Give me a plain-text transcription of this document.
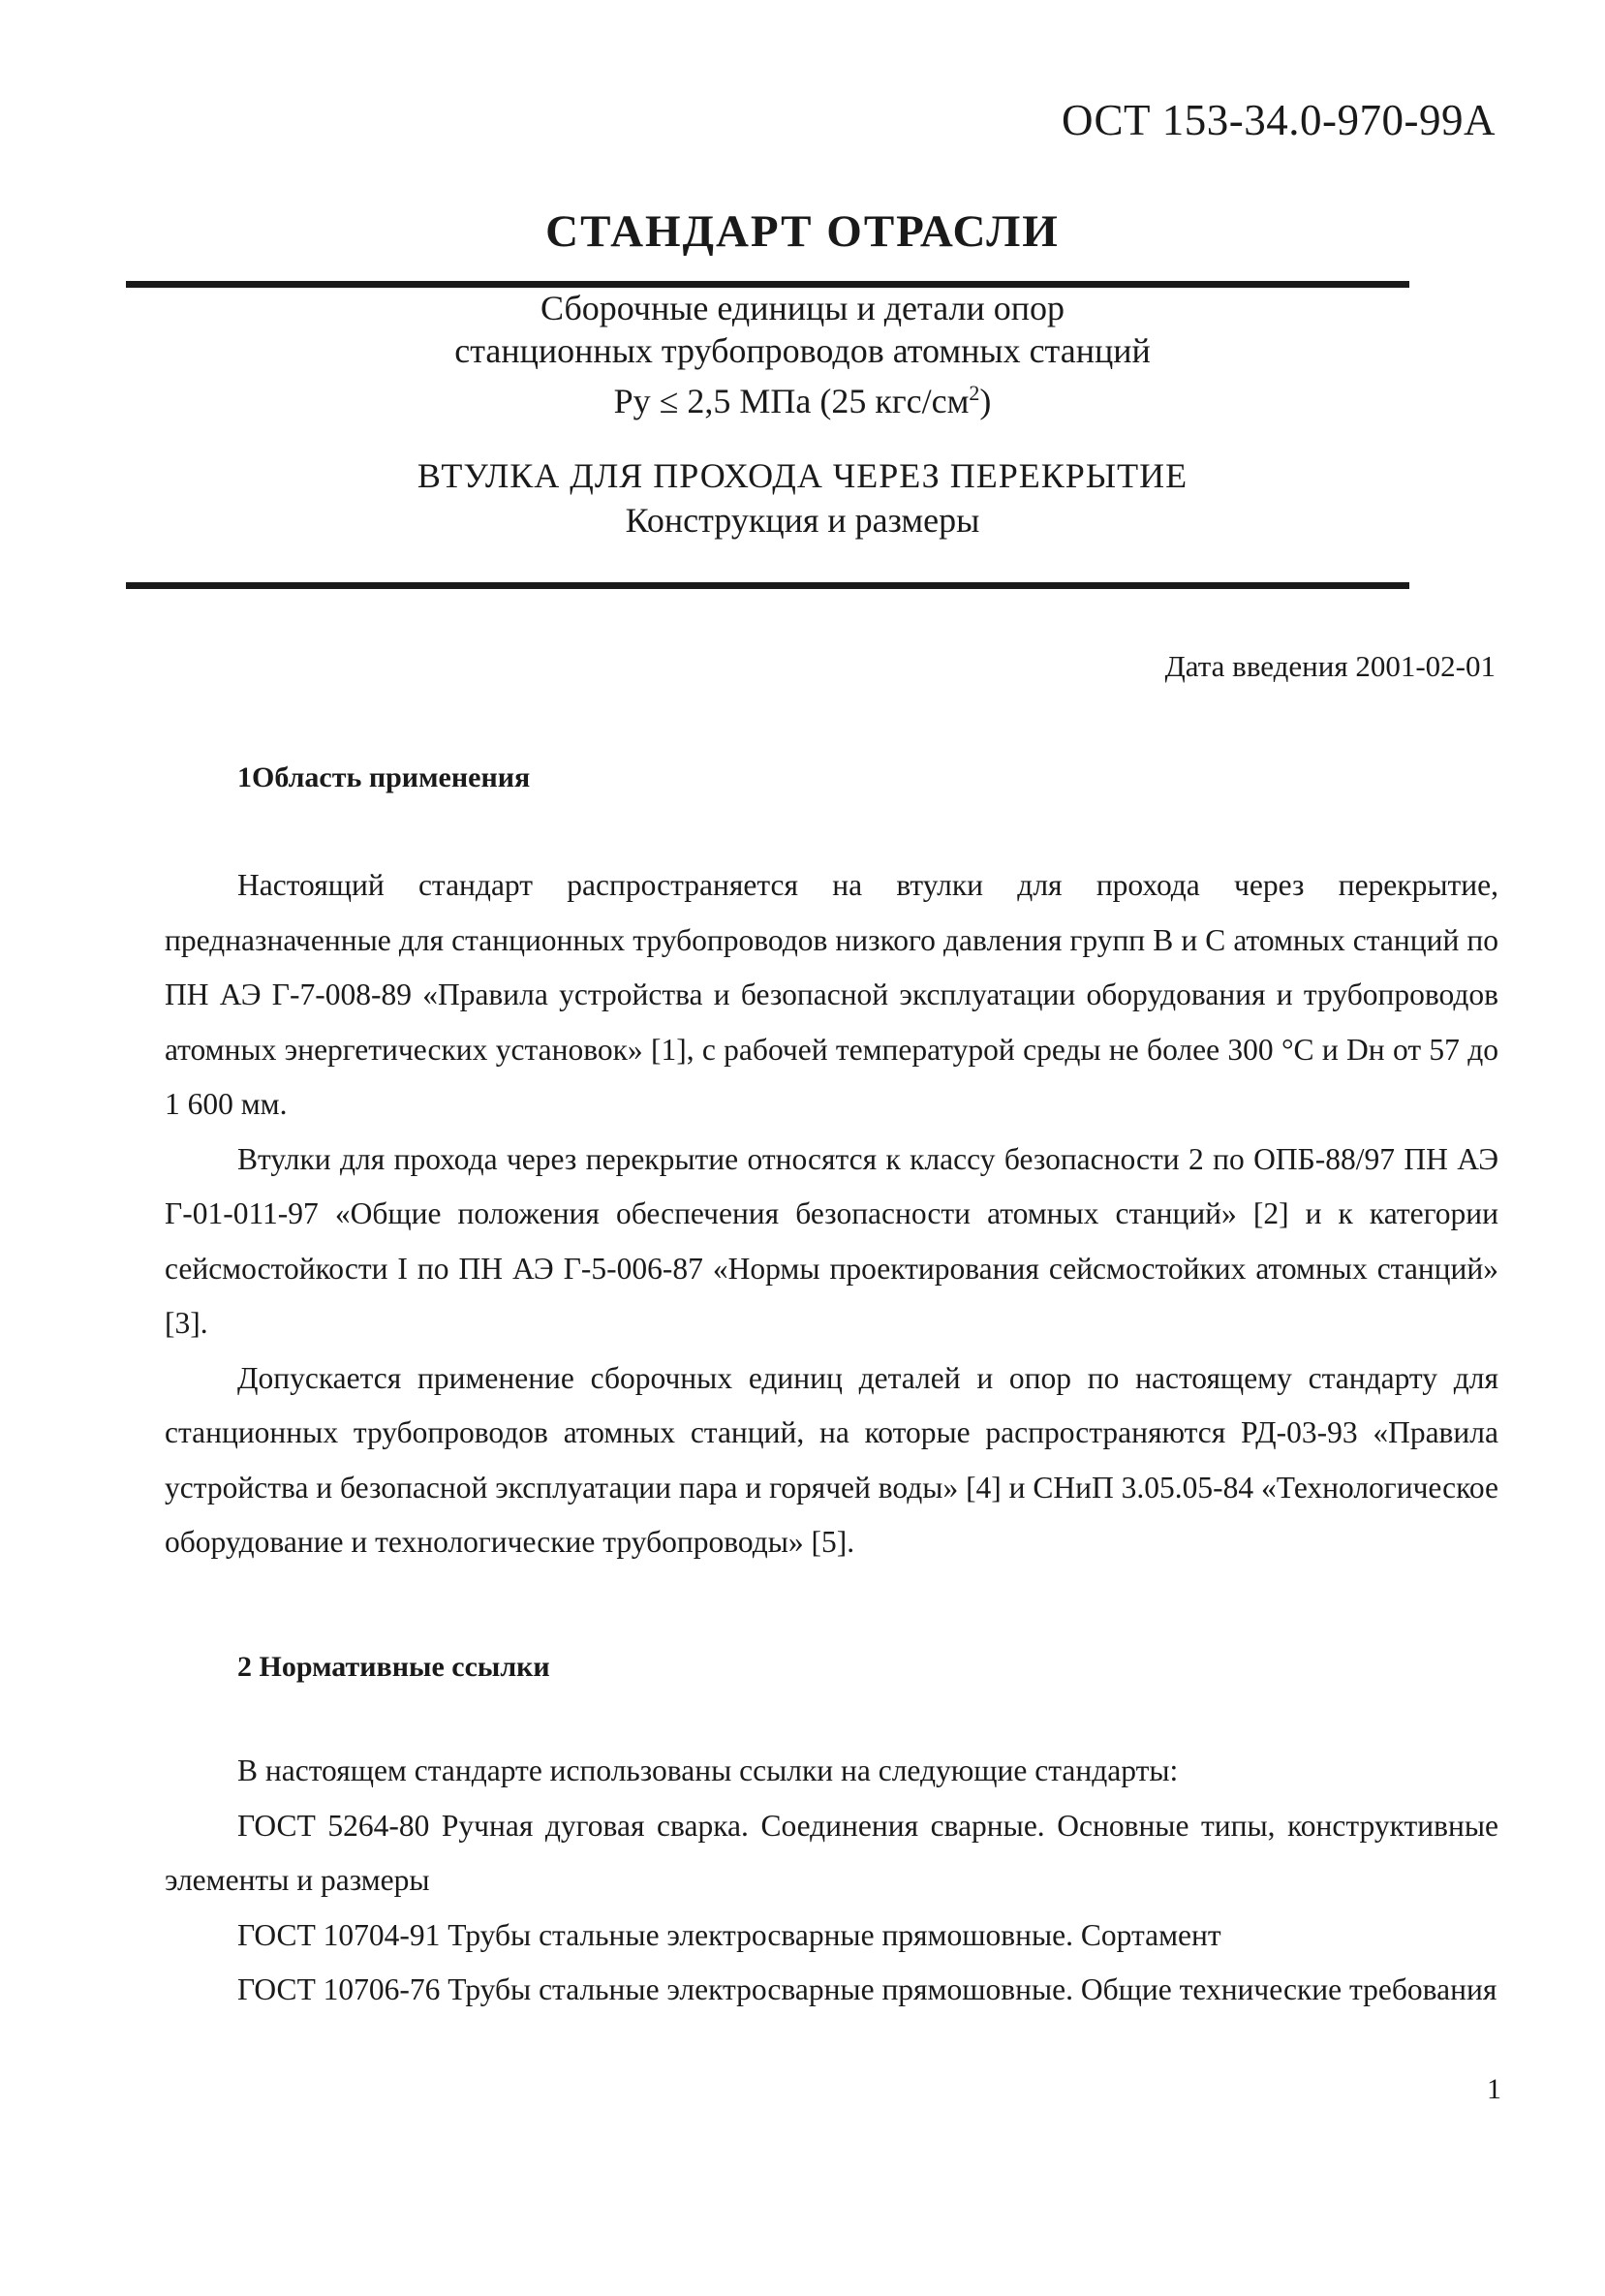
ОСТ 153-34.0-970-99А
СТАНДАРТ ОТРАСЛИ
Сборочные единицы и детали опор
станционных трубопроводов атомных станций
Ру ≤ 2,5 МПа (25 кгс/$см^2$)
ВТУЛКА ДЛЯ ПРОХОДА ЧЕРЕЗ ПЕРЕКРЫТИЕ
Конструкция и размеры
Дата введения 2001-02-01
1Область применения

Настоящий стандарт распространяется на втулки для прохода через перекрытие, предназначенные для станционных трубопроводов низкого давления групп В и С атомных станций по ПН АЭ Г-7-008-89 «Правила устройства и безопасной эксплуатации оборудования и трубопроводов атомных энергетических установок» [1], с рабочей температурой среды не более 300 °С и Dн от 57 до 1 600 мм.

Втулки для прохода через перекрытие относятся к классу безопасности 2 по ОПБ-88/97 ПН АЭ Г-01-011-97 «Общие положения обеспечения безопасности атомных станций» [2] и к категории сейсмостойкости I по ПН АЭ Г-5-006-87 «Нормы проектирования сейсмостойких атомных станций» [3].

Допускается применение сборочных единиц деталей и опор по настоящему стандарту для станционных трубопроводов атомных станций, на которые распространяются РД-03-93 «Правила устройства и безопасной эксплуатации пара и горячей воды» [4] и СНиП 3.05.05-84 «Технологическое оборудование и технологические трубопроводы» [5].

2 Нормативные ссылки

В настоящем стандарте использованы ссылки на следующие стандарты:

ГОСТ 5264-80 Ручная дуговая сварка. Соединения сварные. Основные типы, конструктивные элементы и размеры

ГОСТ 10704-91 Трубы стальные электросварные прямошовные. Сортамент

ГОСТ 10706-76 Трубы стальные электросварные прямошовные. Общие технические требования

1
